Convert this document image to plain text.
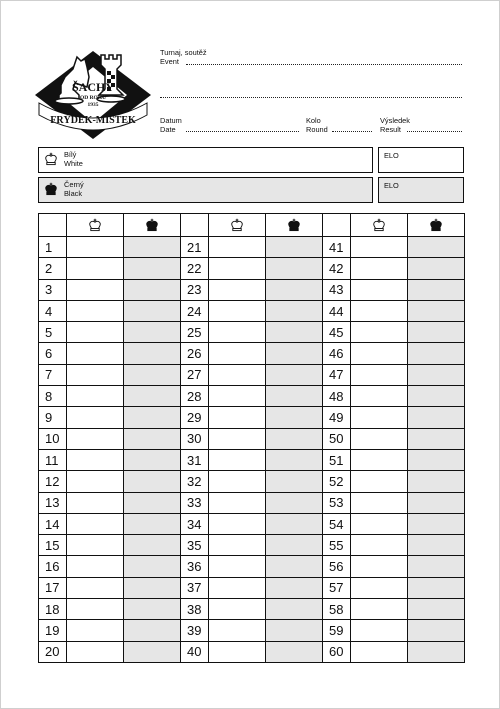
ŠACHY
OD ROKU
1935
FRÝDEK-MÍSTEK
Turnaj, soutěž
Event
Datum
Date
Kolo
Round
Výsledek
Result
Bílý
White
ELO
Černý
Black
ELO

1			21			41		
2			22			42		
3			23			43		
4			24			44		
5			25			45		
6			26			46		
7			27			47		
8			28			48		
9			29			49		
10			30			50		
11			31			51		
12			32			52		
13			33			53		
14			34			54		
15			35			55		
16			36			56		
17			37			57		
18			38			58		
19			39			59		
20			40			60		
